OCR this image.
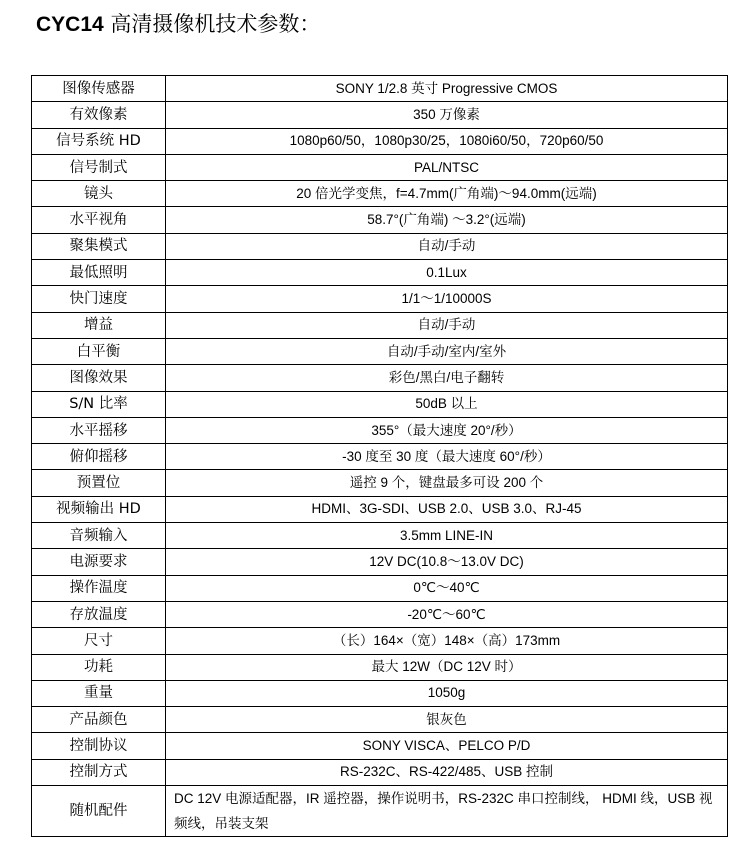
CYC14 高清摄像机技术参数：
图像传感器	SONY 1/2.8 英寸 Progressive CMOS
有效像素	350 万像素
信号系统 HD	1080p60/50，1080p30/25，1080i60/50，720p60/50
信号制式	PAL/NTSC
镜头	20 倍光学变焦，f=4.7mm(广角端)～94.0mm(远端)
水平视角	58.7°(广角端) ～3.2°(远端)
聚集模式	自动/手动
最低照明	0.1Lux
快门速度	1/1～1/10000S
增益	自动/手动
白平衡	自动/手动/室内/室外
图像效果	彩色/黑白/电子翻转
S/N 比率	50dB 以上
水平摇移	355°（最大速度 20°/秒）
俯仰摇移	-30 度至 30 度（最大速度 60°/秒）
预置位	遥控 9 个，键盘最多可设 200 个
视频输出 HD	HDMI、3G-SDI、USB 2.0、USB 3.0、RJ-45
音频输入	3.5mm LINE-IN
电源要求	12V DC(10.8～13.0V DC)
操作温度	0℃～40℃
存放温度	-20℃～60℃
尺寸	（长）164×（宽）148×（高）173mm
功耗	最大 12W（DC 12V 时）
重量	1050g
产品颜色	银灰色
控制协议	SONY VISCA、PELCO P/D
控制方式	RS-232C、RS-422/485、USB 控制
随机配件	DC 12V 电源适配器，IR 遥控器，操作说明书，RS-232C 串口控制线， HDMI 线，USB 视频线，吊装支架
